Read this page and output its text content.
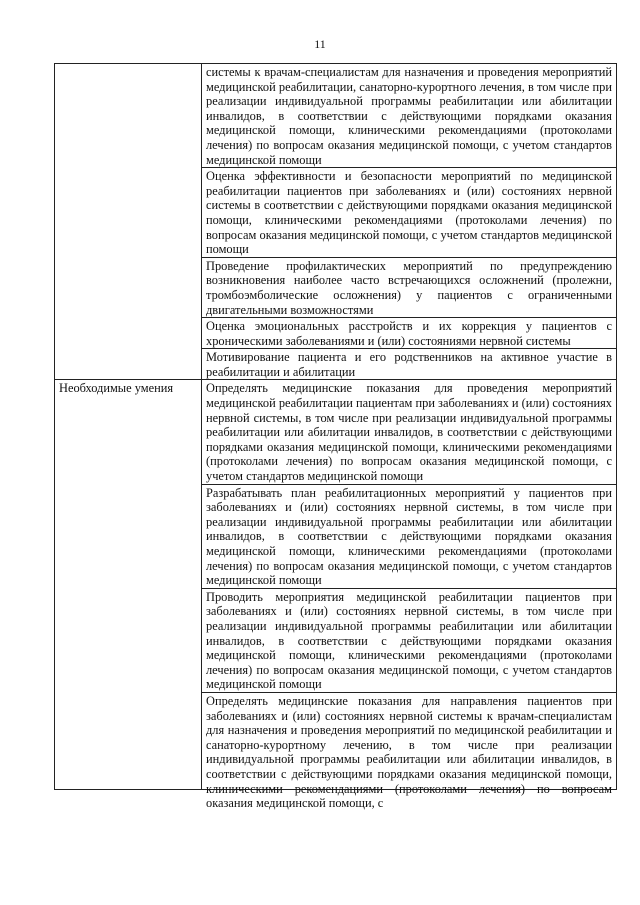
11
	системы к врачам-специалистам для назначения и проведения мероприятий медицинской реабилитации, санаторно-курортного лечения, в том числе при реализации индивидуальной программы реабилитации или абилитации инвалидов, в соответствии с действующими порядками оказания медицинской помощи, клиническими рекомендациями (протоколами лечения) по вопросам оказания медицинской помощи, с учетом стандартов медицинской помощи
	Оценка эффективности и безопасности мероприятий по медицинской реабилитации пациентов при заболеваниях и (или) состояниях нервной системы в соответствии с действующими порядками оказания медицинской помощи, клиническими рекомендациями (протоколами лечения) по вопросам оказания медицинской помощи, с учетом стандартов медицинской помощи
	Проведение профилактических мероприятий по предупреждению возникновения наиболее часто встречающихся осложнений (пролежни, тромбоэмболические осложнения) у пациентов с ограниченными двигательными возможностями
	Оценка эмоциональных расстройств и их коррекция у пациентов с хроническими заболеваниями и (или) состояниями нервной системы
	Мотивирование пациента и его родственников на активное участие в реабилитации и абилитации
Необходимые умения	Определять медицинские показания для проведения мероприятий медицинской реабилитации пациентам при заболеваниях и (или) состояниях нервной системы, в том числе при реализации индивидуальной программы реабилитации или абилитации инвалидов, в соответствии с действующими порядками оказания медицинской помощи, клиническими рекомендациями (протоколами лечения) по вопросам оказания медицинской помощи, с учетом стандартов медицинской помощи
	Разрабатывать план реабилитационных мероприятий у пациентов при заболеваниях и (или) состояниях нервной системы, в том числе при реализации индивидуальной программы реабилитации или абилитации инвалидов, в соответствии с действующими порядками оказания медицинской помощи, клиническими рекомендациями (протоколами лечения) по вопросам оказания медицинской помощи, с учетом стандартов медицинской помощи
	Проводить мероприятия медицинской реабилитации пациентов при заболеваниях и (или) состояниях нервной системы, в том числе при реализации индивидуальной программы реабилитации или абилитации инвалидов, в соответствии с действующими порядками оказания медицинской помощи, клиническими рекомендациями (протоколами лечения) по вопросам оказания медицинской помощи, с учетом стандартов медицинской помощи

	Определять медицинские показания для направления пациентов при заболеваниях и (или) состояниях нервной системы к врачам-специалистам для назначения и проведения мероприятий по медицинской реабилитации и санаторно-курортному лечению, в том числе при реализации индивидуальной программы реабилитации или абилитации инвалидов, в соответствии с действующими порядками оказания медицинской помощи, клиническими рекомендациями (протоколами лечения) по вопросам оказания медицинской помощи, с
